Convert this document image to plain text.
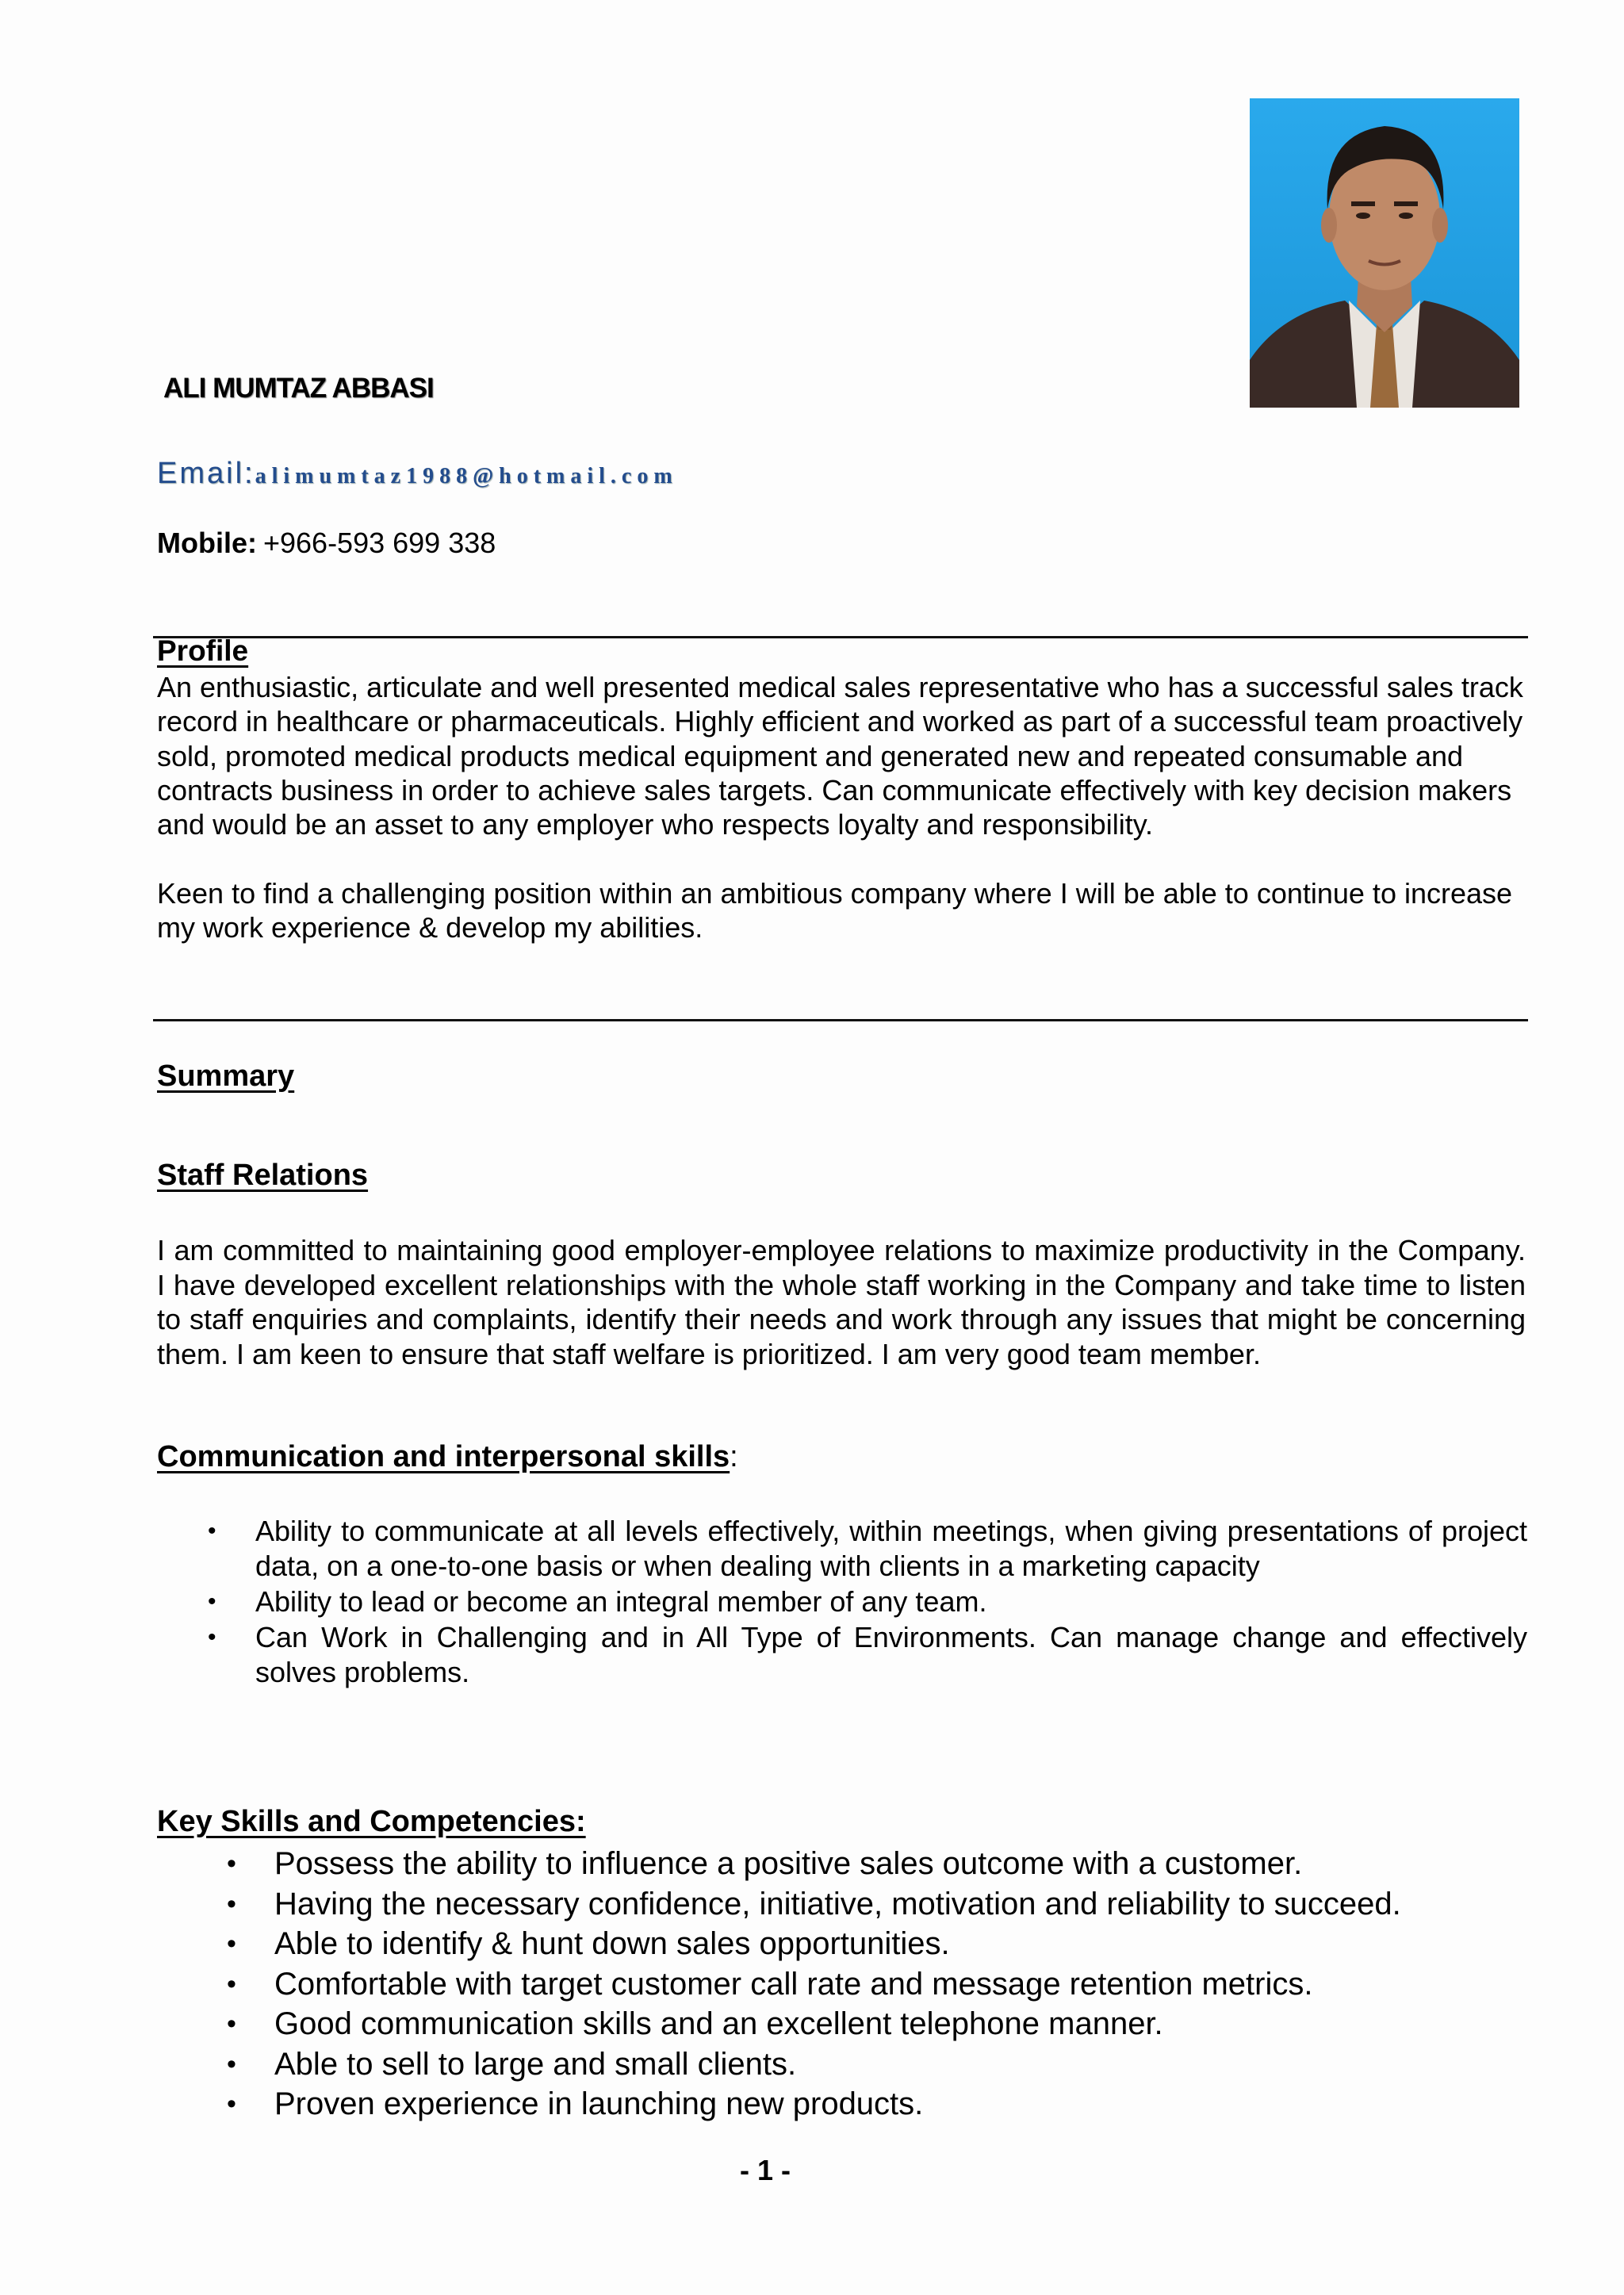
ALI MUMTAZ ABBASI
Email:alimumtaz1988@hotmail.com
Mobile: +966-593 699 338
Profile
An enthusiastic, articulate and well presented medical sales representative who has a successful sales track record in healthcare or pharmaceuticals. Highly efficient and worked as part of a successful team proactively sold, promoted medical products medical equipment and generated new and repeated consumable and contracts business in order to achieve sales targets. Can communicate effectively with key decision makers and would be an asset to any employer who respects loyalty and responsibility.
Keen to find a challenging position within an ambitious company where I will be able to continue to increase my work experience & develop my abilities.
Summary
Staff Relations
I am committed to maintaining good employer-employee relations to maximize productivity in the Company. I have developed excellent relationships with the whole staff working in the Company and take time to listen to staff enquiries and complaints, identify their needs and work through any issues that might be concerning them. I am keen to ensure that staff welfare is prioritized. I am very good team member.
Communication and interpersonal skills:
• Ability to communicate at all levels effectively, within meetings, when giving presentations of project data, on a one-to-one basis or when dealing with clients in a marketing capacity
• Ability to lead or become an integral member of any team.
• Can Work in Challenging and in All Type of Environments. Can manage change and effectively solves problems.
Key Skills and Competencies:
• Possess the ability to influence a positive sales outcome with a customer.
• Having the necessary confidence, initiative, motivation and reliability to succeed.
• Able to identify & hunt down sales opportunities.
• Comfortable with target customer call rate and message retention metrics.
• Good communication skills and an excellent telephone manner.
• Able to sell to large and small clients.
• Proven experience in launching new products.
- 1 -
